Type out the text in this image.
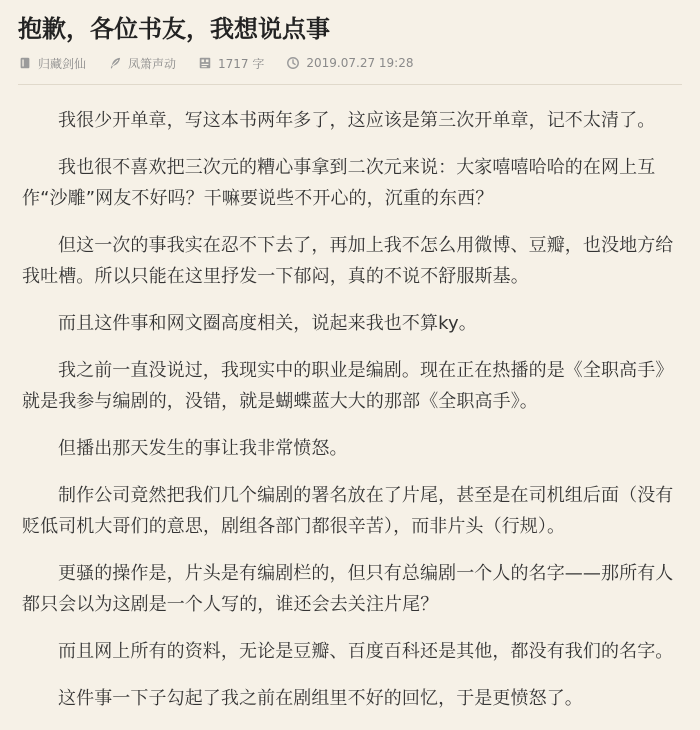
抱歉，各位书友，我想说点事
归藏剑仙	凤箫声动	1717 字	2019.07.27 19:28

我很少开单章，写这本书两年多了，这应该是第三次开单章，记不太清了。

我也很不喜欢把三次元的糟心事拿到二次元来说：大家嘻嘻哈哈的在网上互作“沙雕”网友不好吗？干嘛要说些不开心的，沉重的东西？

但这一次的事我实在忍不下去了，再加上我不怎么用微博、豆瓣，也没地方给我吐槽。所以只能在这里抒发一下郁闷，真的不说不舒服斯基。

而且这件事和网文圈高度相关，说起来我也不算ky。

我之前一直没说过，我现实中的职业是编剧。现在正在热播的是《全职高手》就是我参与编剧的，没错，就是蝴蝶蓝大大的那部《全职高手》。

但播出那天发生的事让我非常愤怒。

制作公司竟然把我们几个编剧的署名放在了片尾，甚至是在司机组后面（没有贬低司机大哥们的意思，剧组各部门都很辛苦），而非片头（行规）。

更骚的操作是，片头是有编剧栏的，但只有总编剧一个人的名字——那所有人都只会以为这剧是一个人写的，谁还会去关注片尾？

而且网上所有的资料，无论是豆瓣、百度百科还是其他，都没有我们的名字。

这件事一下子勾起了我之前在剧组里不好的回忆，于是更愤怒了。
